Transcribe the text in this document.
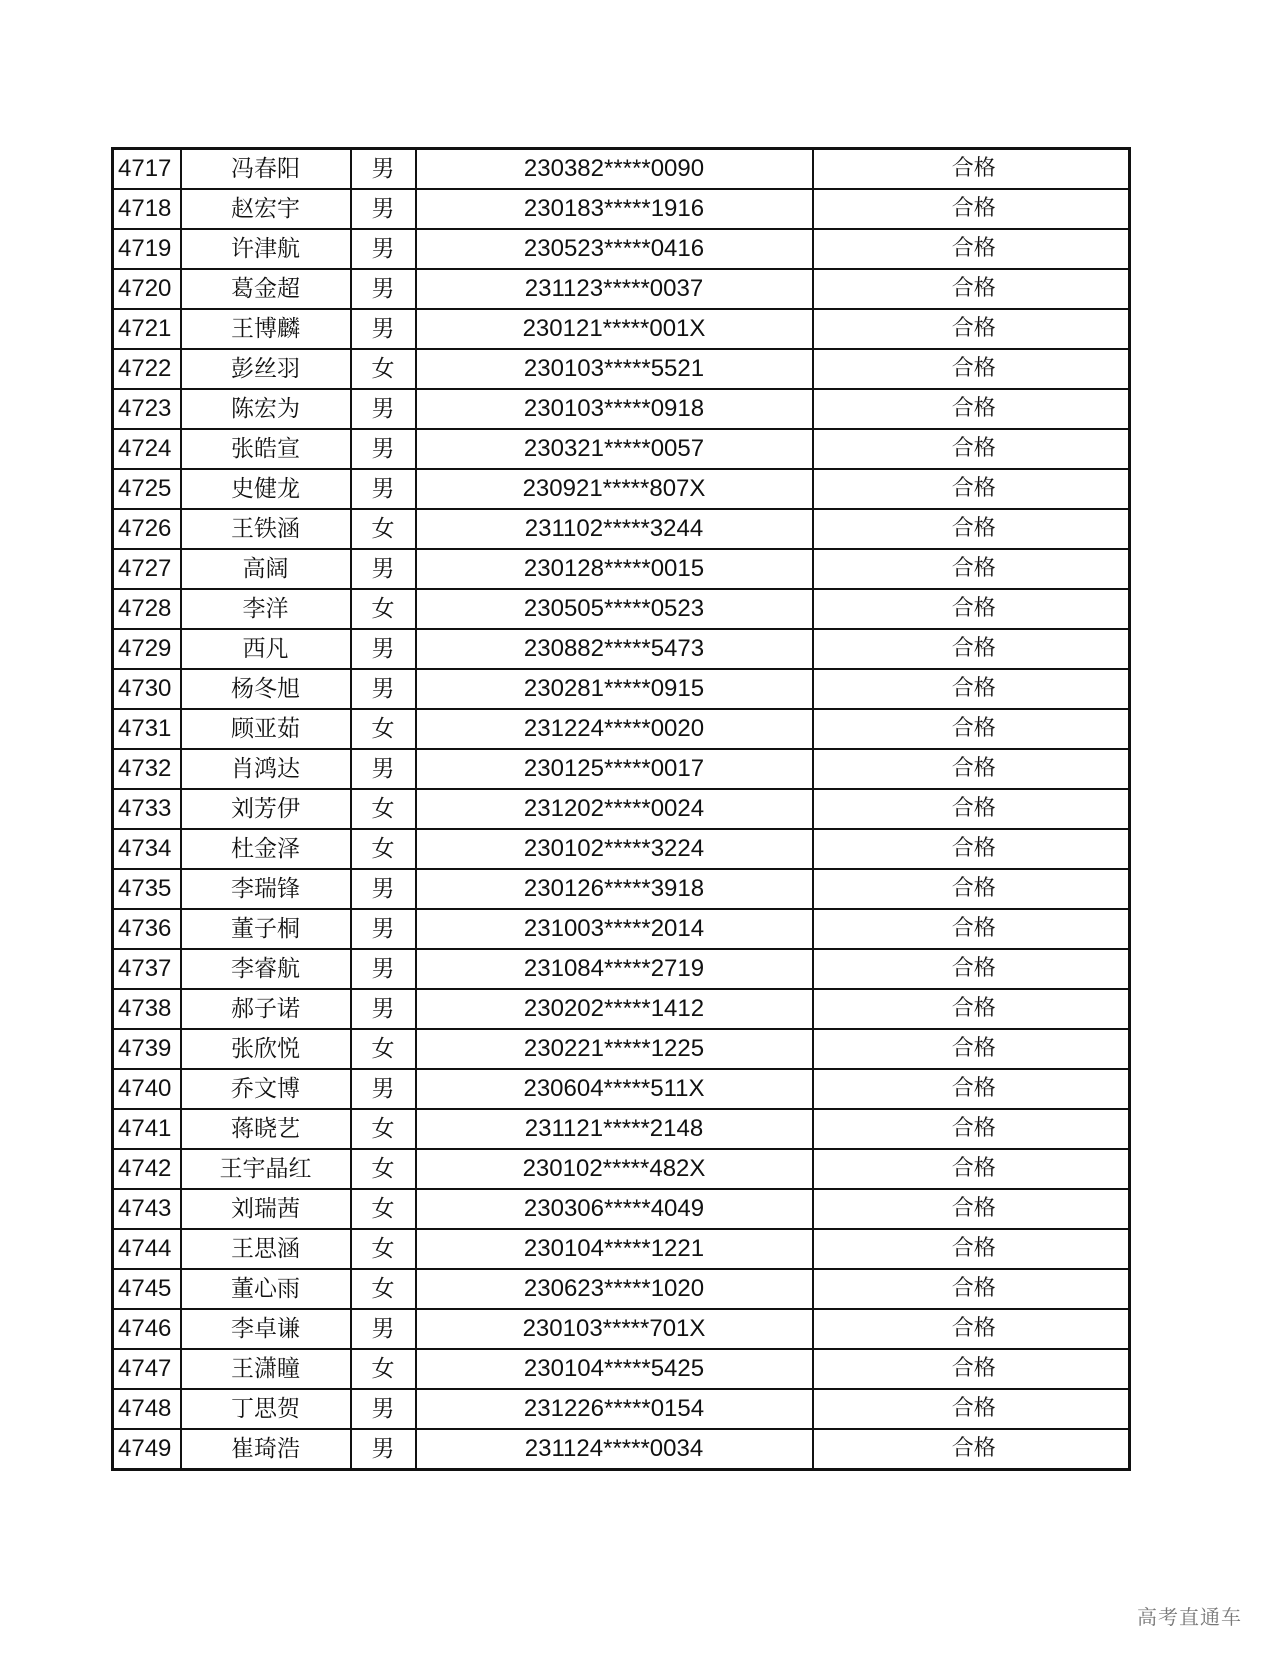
4717	冯春阳	男	230382*****0090	合格
4718	赵宏宇	男	230183*****1916	合格
4719	许津航	男	230523*****0416	合格
4720	葛金超	男	231123*****0037	合格
4721	王博麟	男	230121*****001X	合格
4722	彭丝羽	女	230103*****5521	合格
4723	陈宏为	男	230103*****0918	合格
4724	张皓宣	男	230321*****0057	合格
4725	史健龙	男	230921*****807X	合格
4726	王铁涵	女	231102*****3244	合格
4727	高阔	男	230128*****0015	合格
4728	李洋	女	230505*****0523	合格
4729	西凡	男	230882*****5473	合格
4730	杨冬旭	男	230281*****0915	合格
4731	顾亚茹	女	231224*****0020	合格
4732	肖鸿达	男	230125*****0017	合格
4733	刘芳伊	女	231202*****0024	合格
4734	杜金泽	女	230102*****3224	合格
4735	李瑞锋	男	230126*****3918	合格
4736	董子桐	男	231003*****2014	合格
4737	李睿航	男	231084*****2719	合格
4738	郝子诺	男	230202*****1412	合格
4739	张欣悦	女	230221*****1225	合格
4740	乔文博	男	230604*****511X	合格
4741	蒋晓艺	女	231121*****2148	合格
4742	王宇晶红	女	230102*****482X	合格
4743	刘瑞茜	女	230306*****4049	合格
4744	王思涵	女	230104*****1221	合格
4745	董心雨	女	230623*****1020	合格
4746	李卓谦	男	230103*****701X	合格
4747	王潇瞳	女	230104*****5425	合格
4748	丁思贺	男	231226*****0154	合格
4749	崔琦浩	男	231124*****0034	合格
高考直通车
